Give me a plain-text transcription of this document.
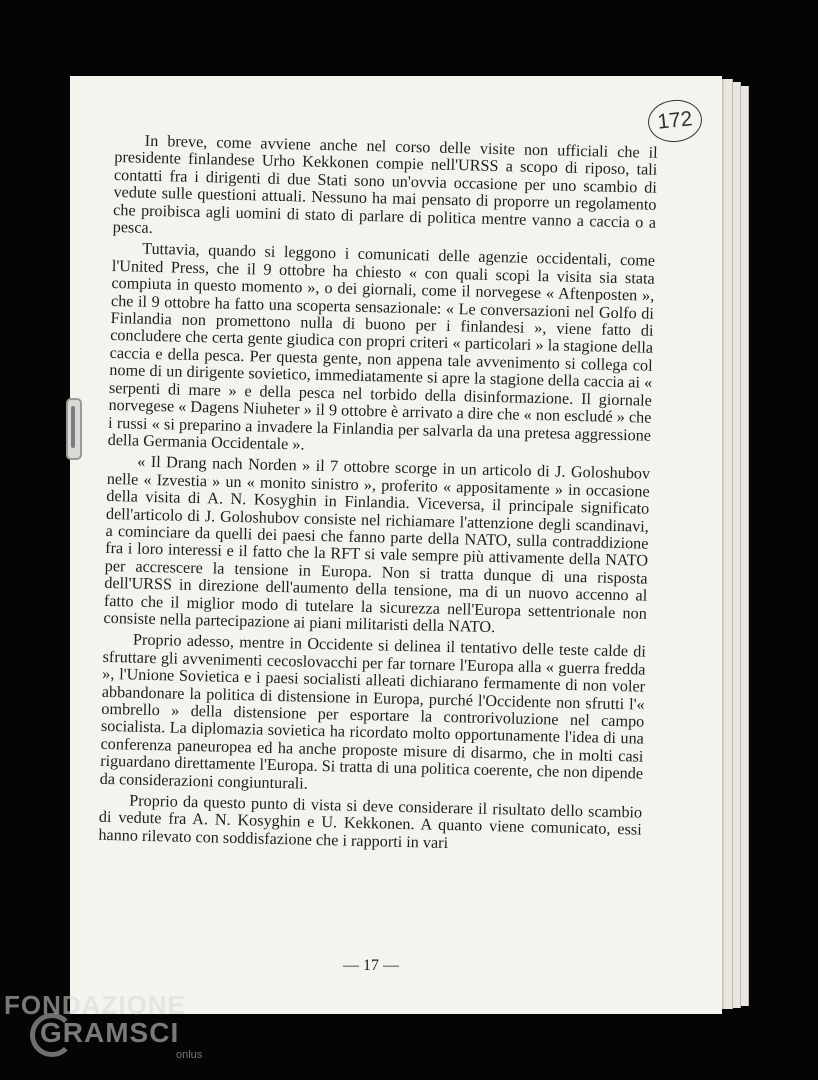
172

In breve, come avviene anche nel corso delle visite non ufficiali che il presidente finlandese Urho Kekkonen compie nell'URSS a scopo di riposo, tali contatti fra i dirigenti di due Stati sono un'ovvia occasione per uno scambio di vedute sulle questioni attuali. Nessuno ha mai pensato di proporre un regolamento che proibisca agli uomini di stato di parlare di politica mentre vanno a caccia o a pesca.

Tuttavia, quando si leggono i comunicati delle agenzie occidentali, come l'United Press, che il 9 ottobre ha chiesto « con quali scopi la visita sia stata compiuta in questo momento », o dei giornali, come il norvegese « Aftenposten », che il 9 ottobre ha fatto una scoperta sensazionale: « Le conversazioni nel Golfo di Finlandia non promettono nulla di buono per i finlandesi », viene fatto di concludere che certa gente giudica con propri criteri « particolari » la stagione della caccia e della pesca. Per questa gente, non appena tale avvenimento si collega col nome di un dirigente sovietico, immediatamente si apre la stagione della caccia ai « serpenti di mare » e della pesca nel torbido della disinformazione. Il giornale norvegese « Dagens Niuheter » il 9 ottobre è arrivato a dire che « non escludé » che i russi « si preparino a invadere la Finlandia per salvarla da una pretesa aggressione della Germania Occidentale ».

« Il Drang nach Norden » il 7 ottobre scorge in un articolo di J. Goloshubov nelle « Izvestia » un « monito sinistro », proferito « appositamente » in occasione della visita di A. N. Kosyghin in Finlandia. Viceversa, il principale significato dell'articolo di J. Goloshubov consiste nel richiamare l'attenzione degli scandinavi, a cominciare da quelli dei paesi che fanno parte della NATO, sulla contraddizione fra i loro interessi e il fatto che la RFT si vale sempre più attivamente della NATO per accrescere la tensione in Europa. Non si tratta dunque di una risposta dell'URSS in direzione dell'aumento della tensione, ma di un nuovo accenno al fatto che il miglior modo di tutelare la sicurezza nell'Europa settentrionale non consiste nella partecipazione ai piani militaristi della NATO.

Proprio adesso, mentre in Occidente si delinea il tentativo delle teste calde di sfruttare gli avvenimenti cecoslovacchi per far tornare l'Europa alla « guerra fredda », l'Unione Sovietica e i paesi socialisti alleati dichiarano fermamente di non voler abbandonare la politica di distensione in Europa, purché l'Occidente non sfrutti l'« ombrello » della distensione per esportare la controrivoluzione nel campo socialista. La diplomazia sovietica ha ricordato molto opportunamente l'idea di una conferenza paneuropea ed ha anche proposte misure di disarmo, che in molti casi riguardano direttamente l'Europa. Si tratta di una politica coerente, che non dipende da considerazioni congiunturali.

Proprio da questo punto di vista si deve considerare il risultato dello scambio di vedute fra A. N. Kosyghin e U. Kekkonen. A quanto viene comunicato, essi hanno rilevato con soddisfazione che i rapporti in vari

— 17 —
FONDAZIONE
GRAMSCI
onlus
